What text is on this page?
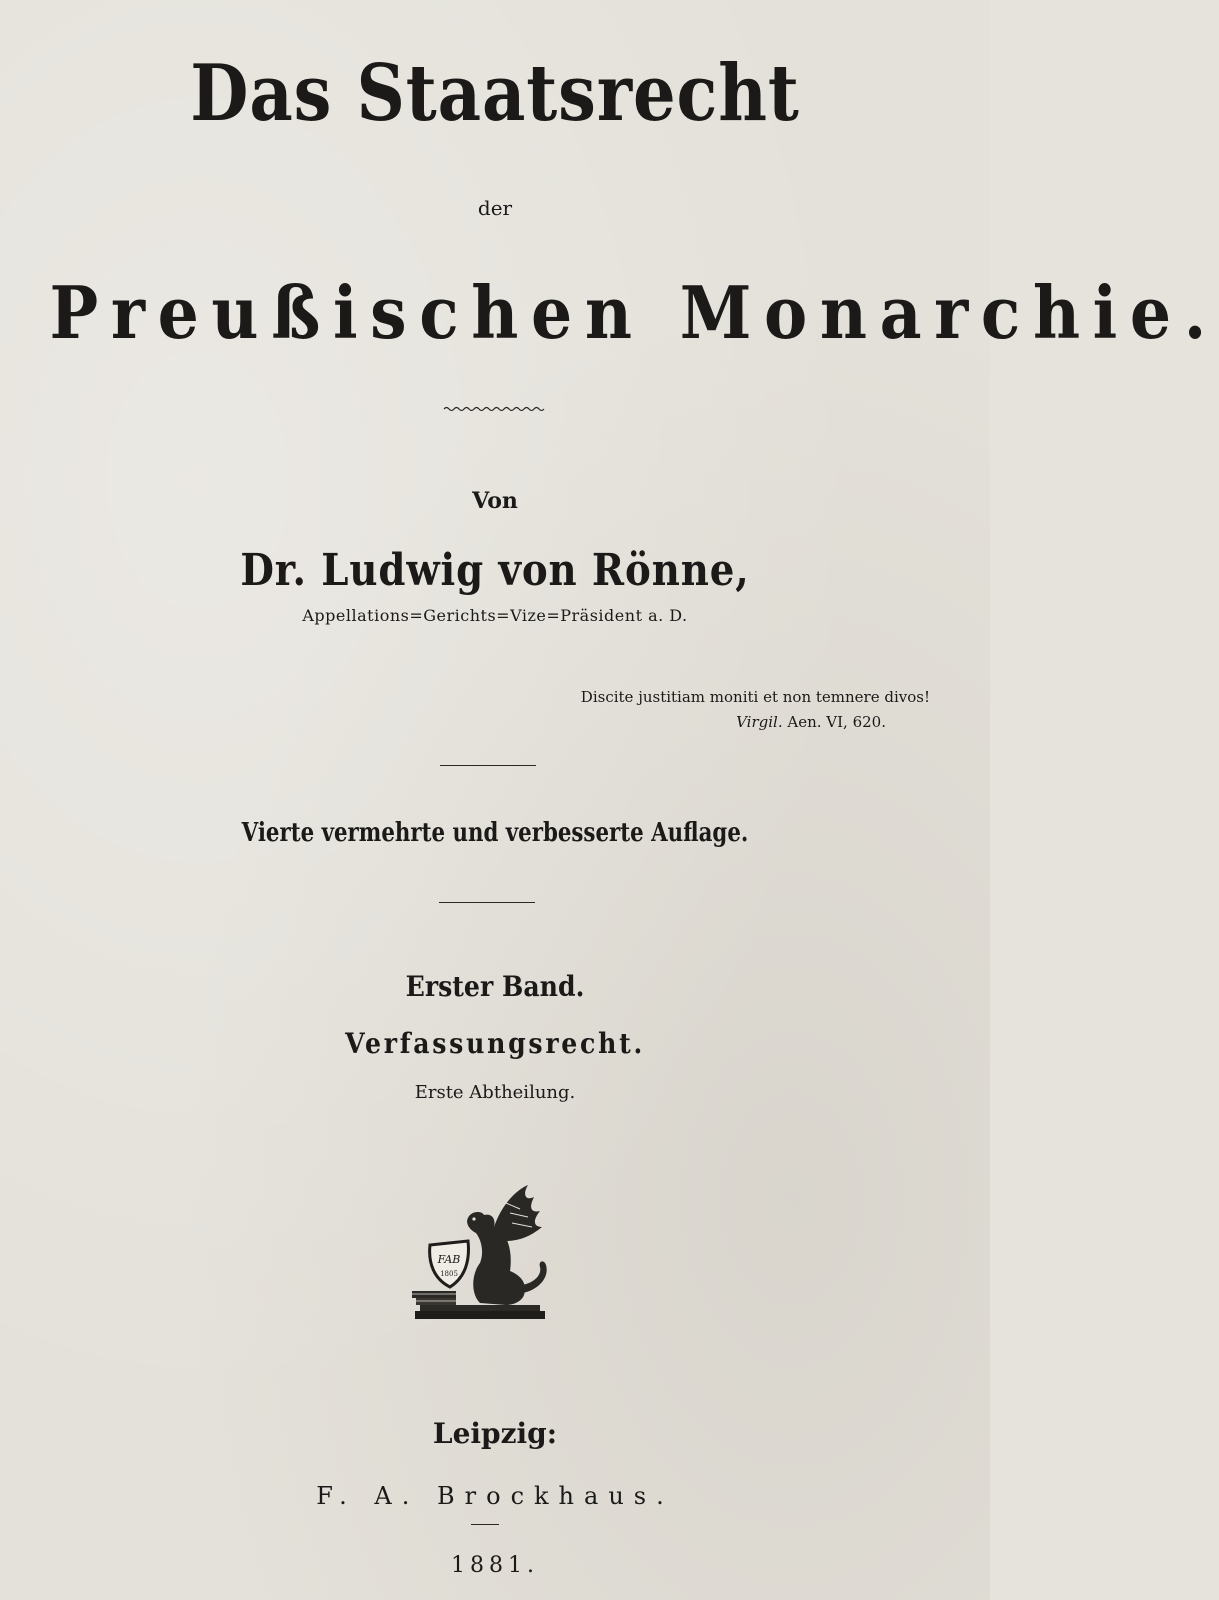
Das Staatsrecht
der
Preußischen Monarchie.
Von
Dr. Ludwig von Rönne,
Appellations=Gerichts=Vize=Präsident a. D.
Discite justitiam moniti et non temnere divos!
Virgil. Aen. VI, 620.
Vierte vermehrte und verbesserte Auflage.
Erster Band.
Verfassungsrecht.
Erste Abtheilung.
FAB
1805
Leipzig:
F. A. Brockhaus.
1881.
